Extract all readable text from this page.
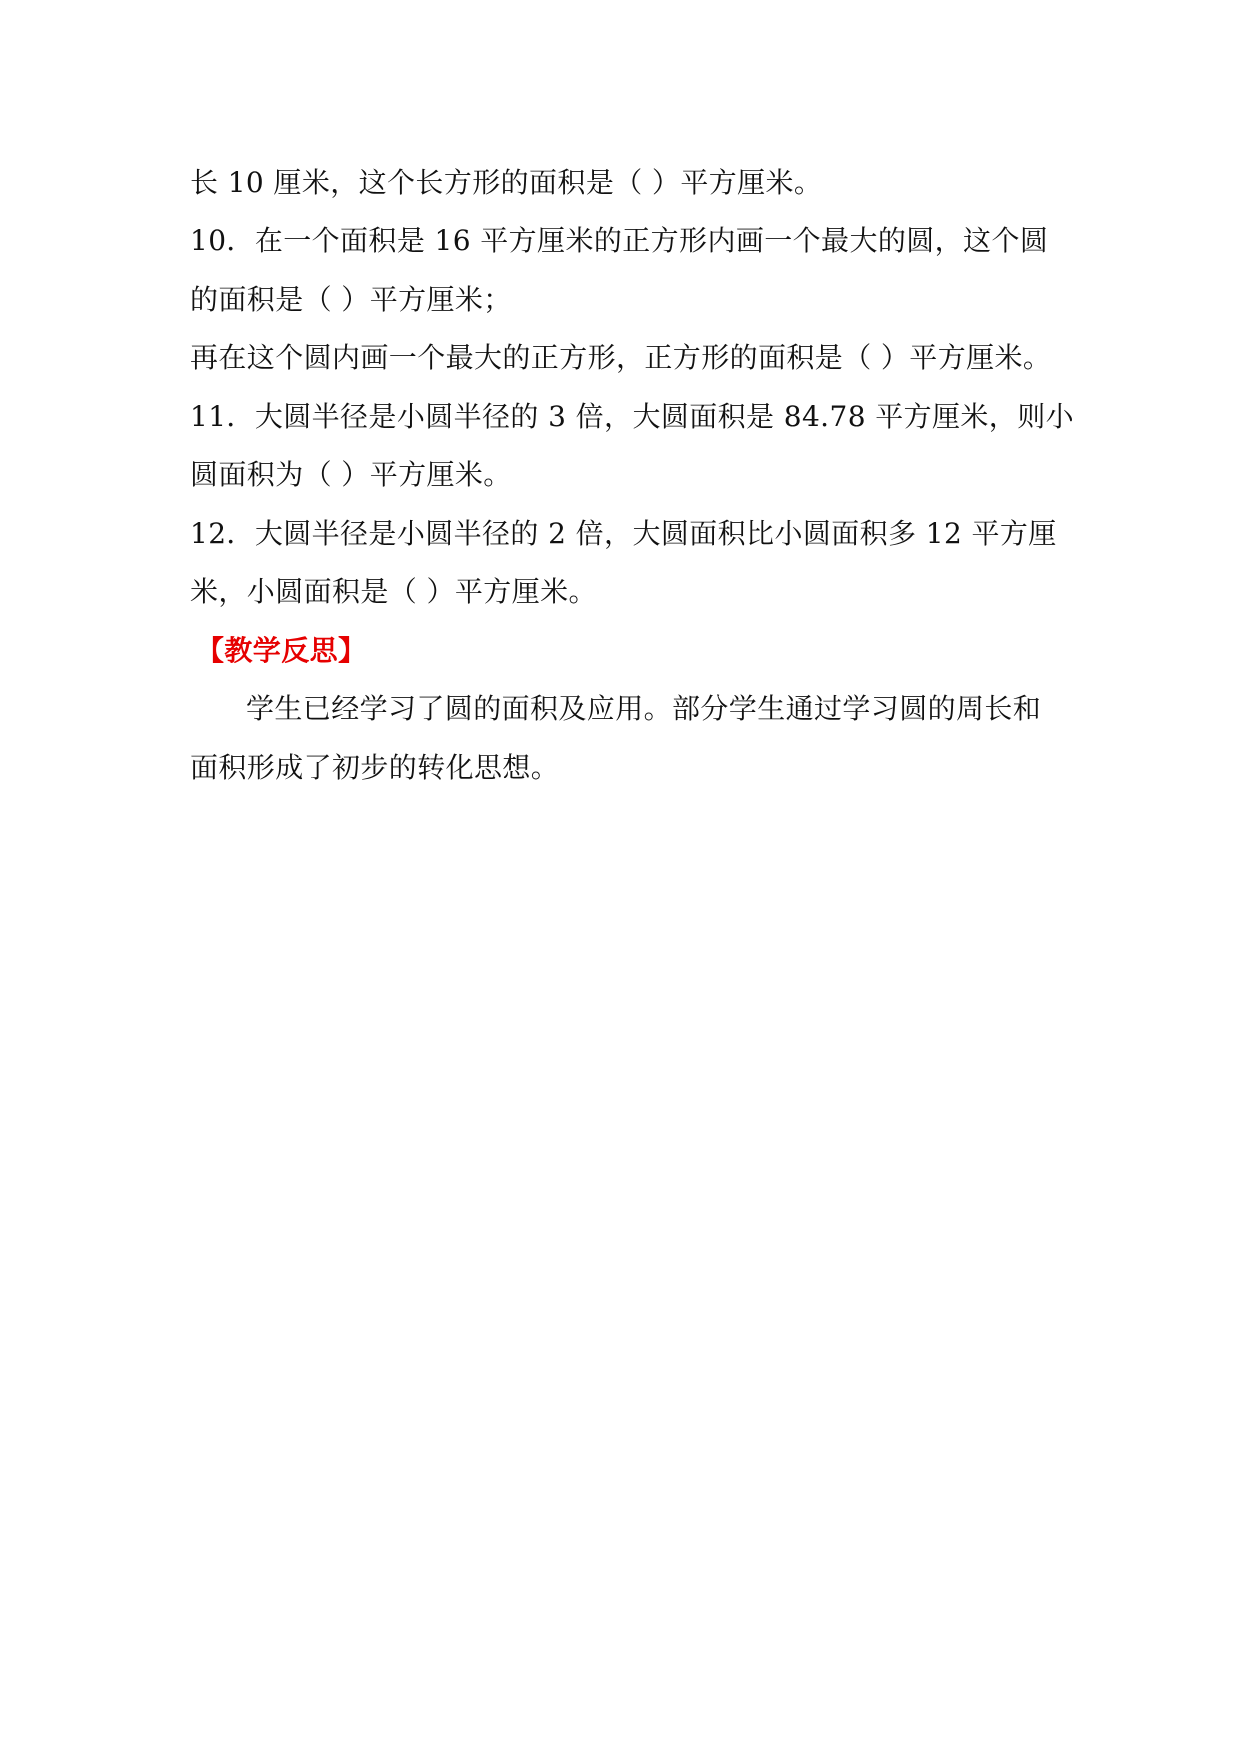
长 10 厘米，这个长方形的面积是（ ）平方厘米。
10．在一个面积是 16 平方厘米的正方形内画一个最大的圆，这个圆
的面积是（ ）平方厘米；
再在这个圆内画一个最大的正方形，正方形的面积是（ ）平方厘米。
11．大圆半径是小圆半径的 3 倍，大圆面积是 84.78 平方厘米，则小
圆面积为（ ）平方厘米。
12．大圆半径是小圆半径的 2 倍，大圆面积比小圆面积多 12 平方厘
米，小圆面积是（ ）平方厘米。
【教学反思】
学生已经学习了圆的面积及应用。部分学生通过学习圆的周长和
面积形成了初步的转化思想。
